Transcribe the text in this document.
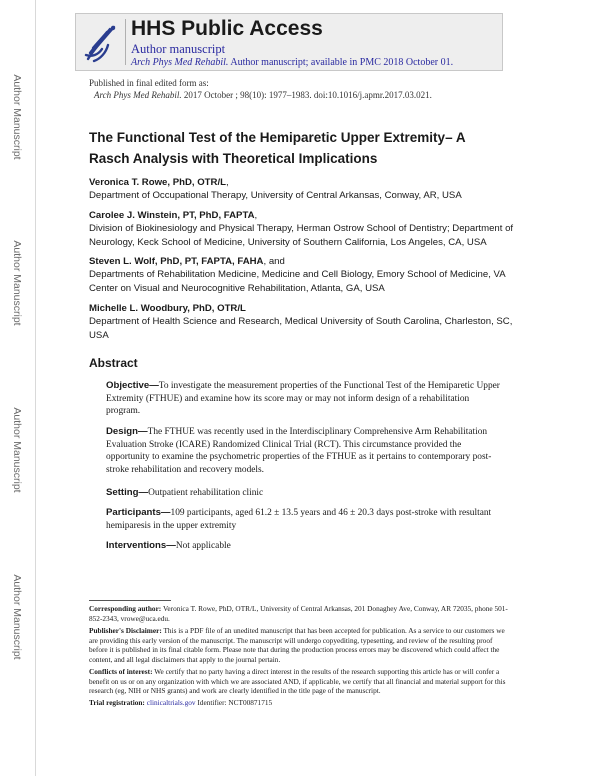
Author Manuscript
Author Manuscript
Author Manuscript
Author Manuscript
HHS Public Access
Author manuscript
Arch Phys Med Rehabil. Author manuscript; available in PMC 2018 October 01.
Published in final edited form as:
Arch Phys Med Rehabil. 2017 October ; 98(10): 1977–1983. doi:10.1016/j.apmr.2017.03.021.
The Functional Test of the Hemiparetic Upper Extremity– A Rasch Analysis with Theoretical Implications
Veronica T. Rowe, PhD, OTR/L,
Department of Occupational Therapy, University of Central Arkansas, Conway, AR, USA
Carolee J. Winstein, PT, PhD, FAPTA,
Division of Biokinesiology and Physical Therapy, Herman Ostrow School of Dentistry; Department of Neurology, Keck School of Medicine, University of Southern California, Los Angeles, CA, USA
Steven L. Wolf, PhD, PT, FAPTA, FAHA, and
Departments of Rehabilitation Medicine, Medicine and Cell Biology, Emory School of Medicine, VA Center on Visual and Neurocognitive Rehabilitation, Atlanta, GA, USA
Michelle L. Woodbury, PhD, OTR/L
Department of Health Science and Research, Medical University of South Carolina, Charleston, SC, USA
Abstract
Objective—To investigate the measurement properties of the Functional Test of the Hemiparetic Upper Extremity (FTHUE) and examine how its score may or may not inform design of a rehabilitation program.
Design—The FTHUE was recently used in the Interdisciplinary Comprehensive Arm Rehabilitation Evaluation Stroke (ICARE) Randomized Clinical Trial (RCT). This circumstance provided the opportunity to examine the psychometric properties of the FTHUE as it pertains to contemporary post-stroke rehabilitation and recovery models.
Setting—Outpatient rehabilitation clinic
Participants—109 participants, aged 61.2 ± 13.5 years and 46 ± 20.3 days post-stroke with resultant hemiparesis in the upper extremity
Interventions—Not applicable
Corresponding author: Veronica T. Rowe, PhD, OTR/L, University of Central Arkansas, 201 Donaghey Ave, Conway, AR 72035, phone 501-852-2343, vrowe@uca.edu.
Publisher's Disclaimer: This is a PDF file of an unedited manuscript that has been accepted for publication. As a service to our customers we are providing this early version of the manuscript. The manuscript will undergo copyediting, typesetting, and review of the resulting proof before it is published in its final citable form. Please note that during the production process errors may be discovered which could affect the content, and all legal disclaimers that apply to the journal pertain.
Conflicts of interest: We certify that no party having a direct interest in the results of the research supporting this article has or will confer a benefit on us or on any organization with which we are associated AND, if applicable, we certify that all financial and material support for this research (eg, NIH or NHS grants) and work are clearly identified in the title page of the manuscript.
Trial registration: clinicaltrials.gov Identifier: NCT00871715
